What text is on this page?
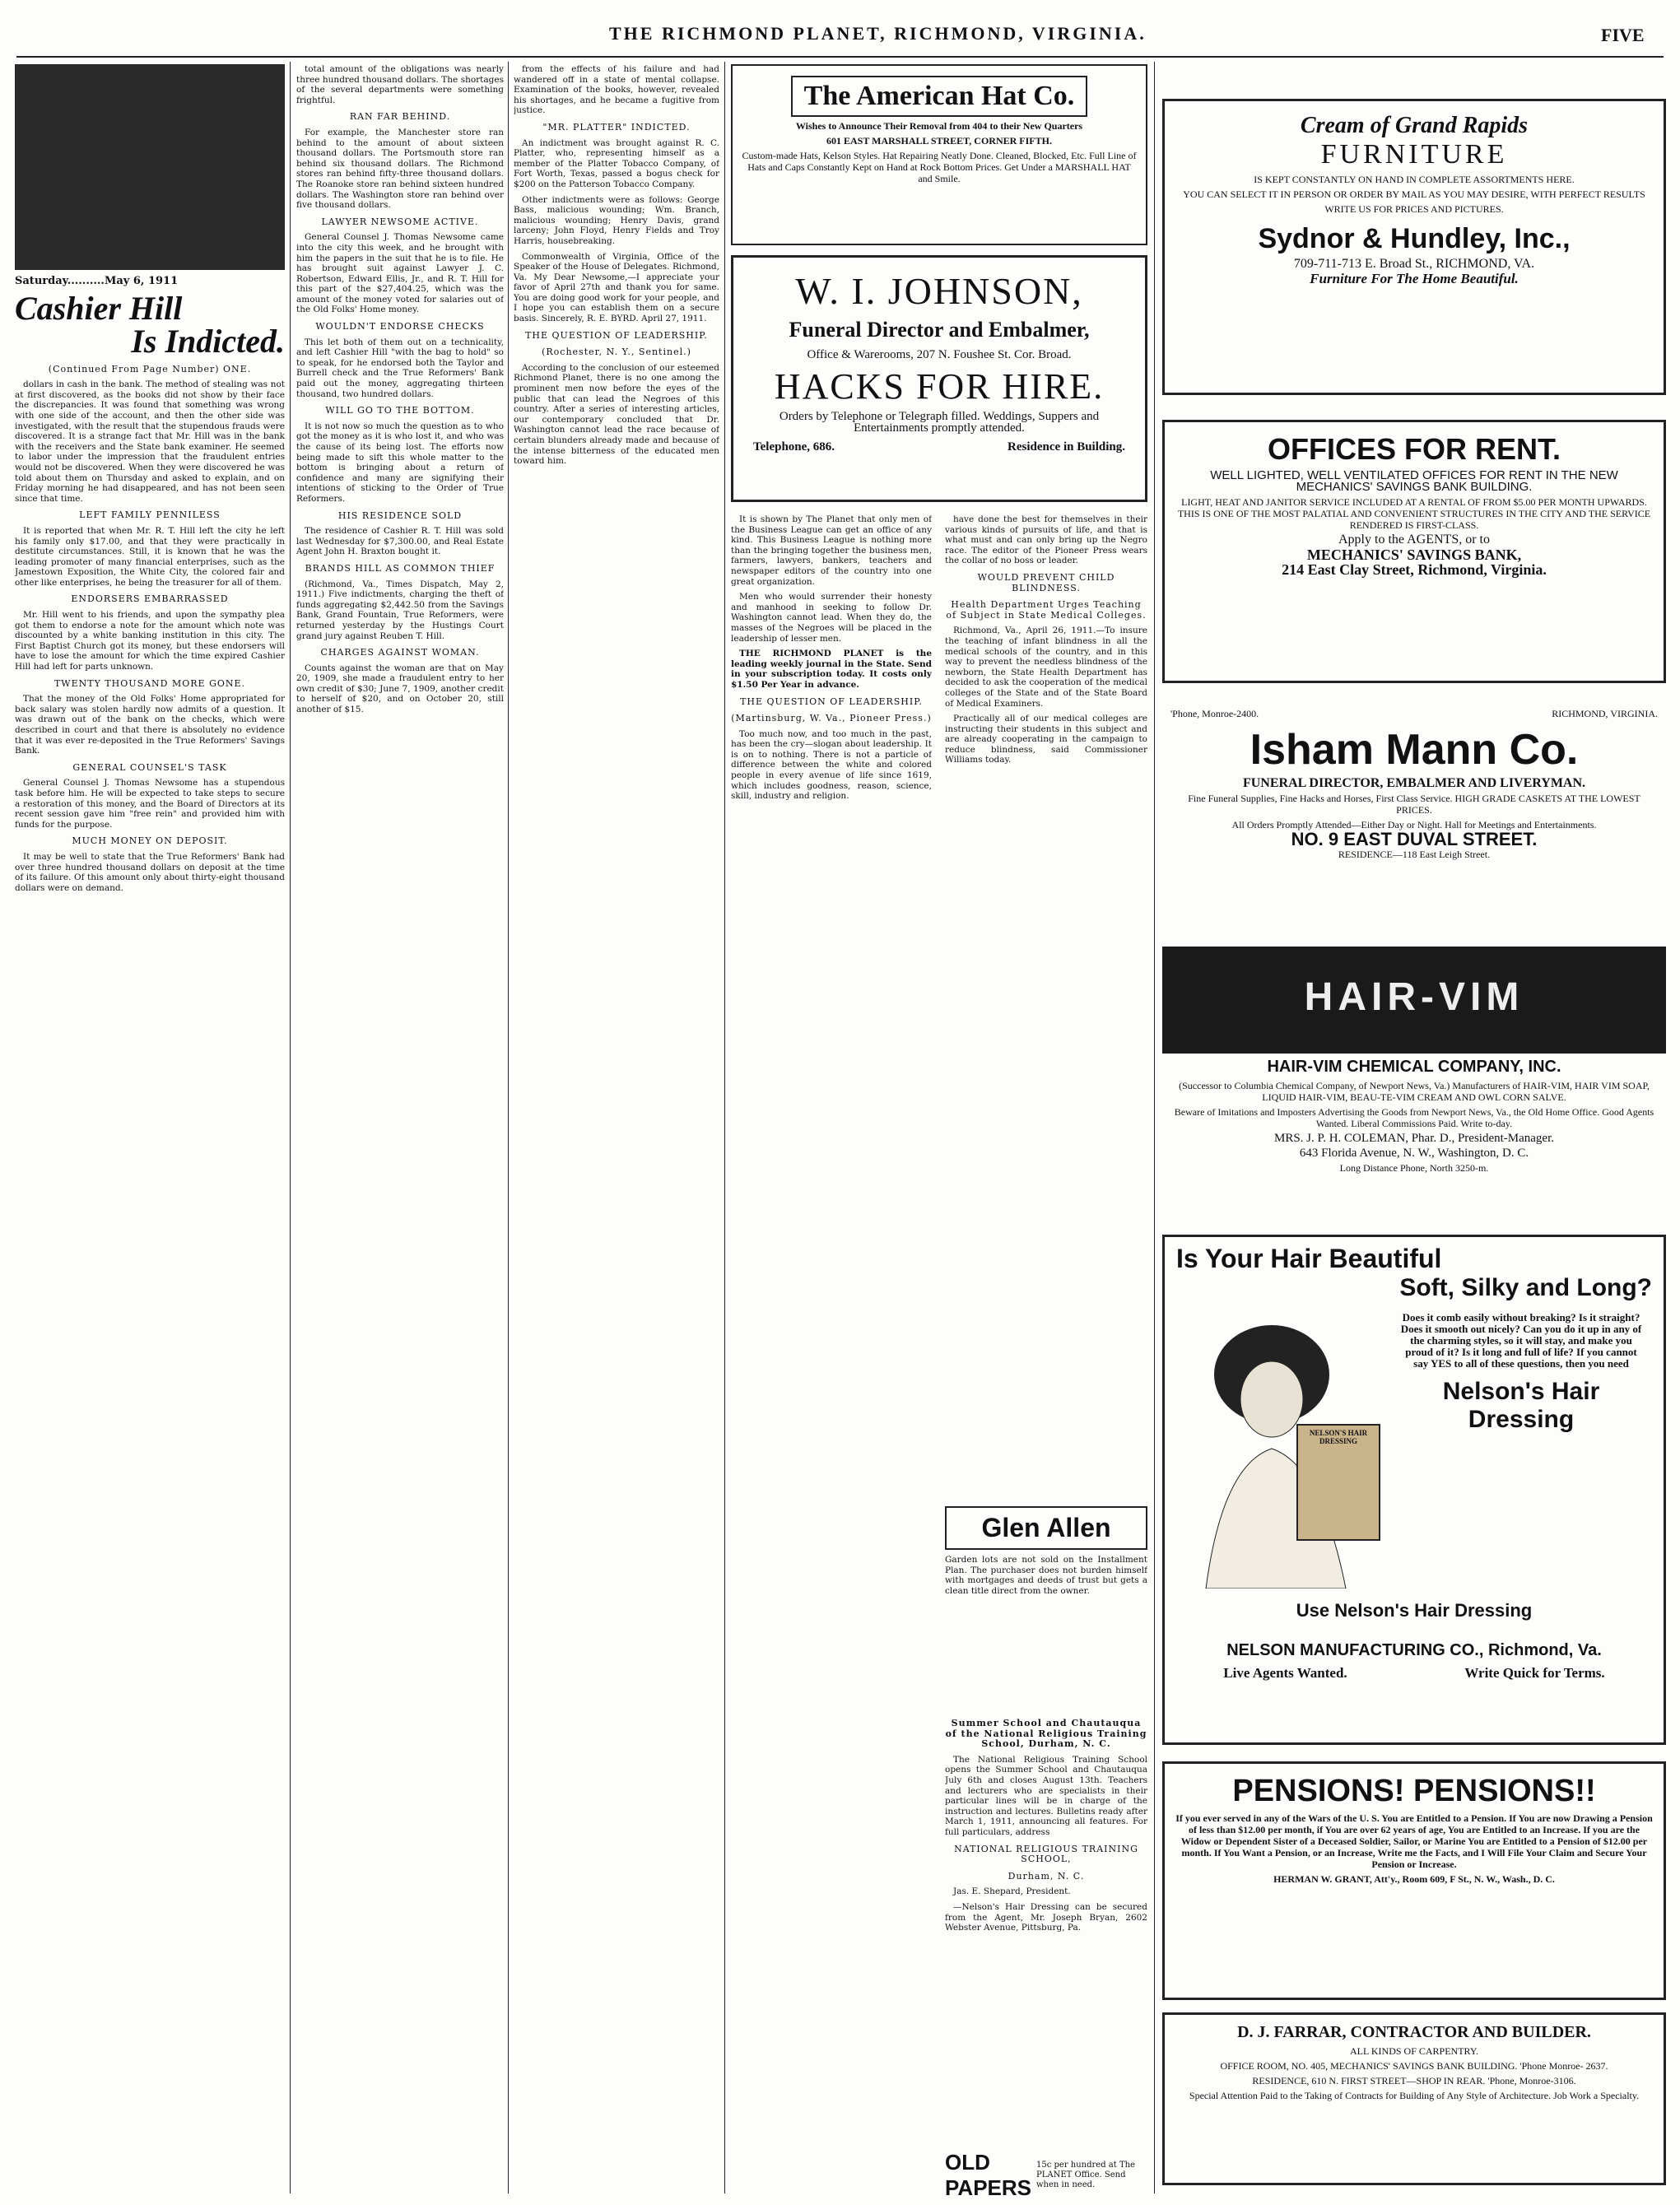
THE RICHMOND PLANET, RICHMOND, VIRGINIA.	FIVE
Saturday..........May 6, 1911
Cashier Hill
Is Indicted.
(Continued From Page Number) ONE.

dollars in cash in the bank. The method of stealing was not at first discovered, as the books did not show by their face the discrepancies. It was found that something was wrong with one side of the account, and then the other side was investigated, with the result that the stupendous frauds were discovered. It is a strange fact that Mr. Hill was in the bank with the receivers and the State bank examiner. He seemed to labor under the impression that the fraudulent entries would not be discovered. When they were discovered he was told about them on Thursday and asked to explain, and on Friday morning he had disappeared, and has not been seen since that time.

LEFT FAMILY PENNILESS

It is reported that when Mr. R. T. Hill left the city he left his family only $17.00, and that they were practically in destitute circumstances. Still, it is known that he was the leading promoter of many financial enterprises, such as the Jamestown Exposition, the White City, the colored fair and other like enterprises, he being the treasurer for all of them.

ENDORSERS EMBARRASSED

Mr. Hill went to his friends, and upon the sympathy plea got them to endorse a note for the amount which note was discounted by a white banking institution in this city. The First Baptist Church got its money, but these endorsers will have to lose the amount for which the time expired Cashier Hill had left for parts unknown.

TWENTY THOUSAND MORE GONE.

That the money of the Old Folks' Home appropriated for back salary was stolen hardly now admits of a question. It was drawn out of the bank on the checks, which were described in court and that there is absolutely no evidence that it was ever re-deposited in the True Reformers' Savings Bank.

GENERAL COUNSEL'S TASK

General Counsel J. Thomas Newsome has a stupendous task before him. He will be expected to take steps to secure a restoration of this money, and the Board of Directors at its recent session gave him "free rein" and provided him with funds for the purpose.

MUCH MONEY ON DEPOSIT.

It may be well to state that the True Reformers' Bank had over three hundred thousand dollars on deposit at the time of its failure. Of this amount only about thirty-eight thousand dollars were on demand.

total amount of the obligations was nearly three hundred thousand dollars. The shortages of the several departments were something frightful.

RAN FAR BEHIND.

For example, the Manchester store ran behind to the amount of about sixteen thousand dollars. The Portsmouth store ran behind six thousand dollars. The Richmond stores ran behind fifty-three thousand dollars. The Roanoke store ran behind sixteen hundred dollars. The Washington store ran behind over five thousand dollars.

LAWYER NEWSOME ACTIVE.

General Counsel J. Thomas Newsome came into the city this week, and he brought with him the papers in the suit that he is to file. He has brought suit against Lawyer J. C. Robertson, Edward Ellis, Jr., and R. T. Hill for this part of the $27,404.25, which was the amount of the money voted for salaries out of the Old Folks' Home money.

WOULDN'T ENDORSE CHECKS

This let both of them out on a technicality, and left Cashier Hill "with the bag to hold" so to speak, for he endorsed both the Taylor and Burrell check and the True Reformers' Bank paid out the money, aggregating thirteen thousand, two hundred dollars.

WILL GO TO THE BOTTOM.

It is not now so much the question as to who got the money as it is who lost it, and who was the cause of its being lost. The efforts now being made to sift this whole matter to the bottom is bringing about a return of confidence and many are signifying their intentions of sticking to the Order of True Reformers.

HIS RESIDENCE SOLD

The residence of Cashier R. T. Hill was sold last Wednesday for $7,300.00, and Real Estate Agent John H. Braxton bought it.

BRANDS HILL AS COMMON THIEF

(Richmond, Va., Times Dispatch, May 2, 1911.) Five indictments, charging the theft of funds aggregating $2,442.50 from the Savings Bank, Grand Fountain, True Reformers, were returned yesterday by the Hustings Court grand jury against Reuben T. Hill.

CHARGES AGAINST WOMAN.

Counts against the woman are that on May 20, 1909, she made a fraudulent entry to her own credit of $30; June 7, 1909, another credit to herself of $20, and on October 20, still another of $15.

from the effects of his failure and had wandered off in a state of mental collapse. Examination of the books, however, revealed his shortages, and he became a fugitive from justice.

"MR. PLATTER" INDICTED.

An indictment was brought against R. C. Platter, who, representing himself as a member of the Platter Tobacco Company, of Fort Worth, Texas, passed a bogus check for $200 on the Patterson Tobacco Company.

Other indictments were as follows: George Bass, malicious wounding; Wm. Branch, malicious wounding; Henry Davis, grand larceny; John Floyd, Henry Fields and Troy Harris, housebreaking.

Commonwealth of Virginia, Office of the Speaker of the House of Delegates. Richmond, Va. My Dear Newsome,—I appreciate your favor of April 27th and thank you for same. You are doing good work for your people, and I hope you can establish them on a secure basis. Sincerely, R. E. BYRD. April 27, 1911.

THE QUESTION OF LEADERSHIP.
(Rochester, N. Y., Sentinel.)

According to the conclusion of our esteemed Richmond Planet, there is no one among the prominent men now before the eyes of the public that can lead the Negroes of this country. After a series of interesting articles, our contemporary concluded that Dr. Washington cannot lead the race because of certain blunders already made and because of the intense bitterness of the educated men toward him.

The American Hat Co.

Wishes to Announce Their Removal from 404 to their New Quarters

601 EAST MARSHALL STREET, CORNER FIFTH.

Custom-made Hats, Kelson Styles. Hat Repairing Neatly Done. Cleaned, Blocked, Etc. Full Line of Hats and Caps Constantly Kept on Hand at Rock Bottom Prices. Get Under a MARSHALL HAT and Smile.

W. I. JOHNSON,
Funeral Director and Embalmer,

Office & Warerooms, 207 N. Foushee St. Cor. Broad.

HACKS FOR HIRE.

Orders by Telephone or Telegraph filled. Weddings, Suppers and Entertainments promptly attended.

Telephone, 686.	Residence in Building.

It is shown by The Planet that only men of the Business League can get an office of any kind. This Business League is nothing more than the bringing together the business men, farmers, lawyers, bankers, teachers and newspaper editors of the country into one great organization.

Men who would surrender their honesty and manhood in seeking to follow Dr. Washington cannot lead. When they do, the masses of the Negroes will be placed in the leadership of lesser men.

THE RICHMOND PLANET is the leading weekly journal in the State. Send in your subscription today. It costs only $1.50 Per Year in advance.

THE QUESTION OF LEADERSHIP.
(Martinsburg, W. Va., Pioneer Press.)

Too much now, and too much in the past, has been the cry—slogan about leadership. It is on to nothing. There is not a particle of difference between the white and colored people in every avenue of life since 1619, which includes goodness, reason, science, skill, industry and religion.

have done the best for themselves in their various kinds of pursuits of life, and that is what must and can only bring up the Negro race. The editor of the Pioneer Press wears the collar of no boss or leader.

WOULD PREVENT CHILD BLINDNESS.
Health Department Urges Teaching of Subject in State Medical Colleges.

Richmond, Va., April 26, 1911.—To insure the teaching of infant blindness in all the medical schools of the country, and in this way to prevent the needless blindness of the newborn, the State Health Department has decided to ask the cooperation of the medical colleges of the State and of the State Board of Medical Examiners.

Practically all of our medical colleges are instructing their students in this subject and are already cooperating in the campaign to reduce blindness, said Commissioner Williams today.

Glen Allen

Garden lots are not sold on the Installment Plan. The purchaser does not burden himself with mortgages and deeds of trust but gets a clean title direct from the owner.

Summer School and Chautauqua of the National Religious Training School, Durham, N. C.

The National Religious Training School opens the Summer School and Chautauqua July 6th and closes August 13th. Teachers and lecturers who are specialists in their particular lines will be in charge of the instruction and lectures. Bulletins ready after March 1, 1911, announcing all features. For full particulars, address

NATIONAL RELIGIOUS TRAINING SCHOOL,
Durham, N. C.

Jas. E. Shepard, President.

—Nelson's Hair Dressing can be secured from the Agent, Mr. Joseph Bryan, 2602 Webster Avenue, Pittsburg, Pa.

OLD PAPERS
15c per hundred at The PLANET Office. Send when in need.
Cream of Grand Rapids
FURNITURE

IS KEPT CONSTANTLY ON HAND IN COMPLETE ASSORTMENTS HERE.

YOU CAN SELECT IT IN PERSON OR ORDER BY MAIL AS YOU MAY DESIRE, WITH PERFECT RESULTS

WRITE US FOR PRICES AND PICTURES.

Sydnor & Hundley, Inc.,

709-711-713 E. Broad St., RICHMOND, VA.

Furniture For The Home Beautiful.

OFFICES FOR RENT.

WELL LIGHTED, WELL VENTILATED OFFICES FOR RENT IN THE NEW MECHANICS' SAVINGS BANK BUILDING.

LIGHT, HEAT AND JANITOR SERVICE INCLUDED AT A RENTAL OF FROM $5.00 PER MONTH UPWARDS. THIS IS ONE OF THE MOST PALATIAL AND CONVENIENT STRUCTURES IN THE CITY AND THE SERVICE RENDERED IS FIRST-CLASS.

Apply to the AGENTS, or to

MECHANICS' SAVINGS BANK,

214 East Clay Street, Richmond, Virginia.

'Phone, Monroe-2400.	RICHMOND, VIRGINIA.
Isham Mann Co.

FUNERAL DIRECTOR, EMBALMER AND LIVERYMAN.

Fine Funeral Supplies, Fine Hacks and Horses, First Class Service. HIGH GRADE CASKETS AT THE LOWEST PRICES.

All Orders Promptly Attended—Either Day or Night. Hall for Meetings and Entertainments.

NO. 9 EAST DUVAL STREET.

RESIDENCE—118 East Leigh Street.

HAIR-VIM
HAIR-VIM CHEMICAL COMPANY, INC.

(Successor to Columbia Chemical Company, of Newport News, Va.) Manufacturers of HAIR-VIM, HAIR VIM SOAP, LIQUID HAIR-VIM, BEAU-TE-VIM CREAM AND OWL CORN SALVE.

Beware of Imitations and Imposters Advertising the Goods from Newport News, Va., the Old Home Office. Good Agents Wanted. Liberal Commissions Paid. Write to-day.

MRS. J. P. H. COLEMAN, Phar. D., President-Manager.

643 Florida Avenue, N. W., Washington, D. C.

Long Distance Phone, North 3250-m.

Is Your Hair Beautiful
Soft, Silky and Long?
NELSON'S HAIR DRESSING

Does it comb easily without breaking? Is it straight? Does it smooth out nicely? Can you do it up in any of the charming styles, so it will stay, and make you proud of it? Is it long and full of life? If you cannot say YES to all of these questions, then you need

Nelson's Hair Dressing
Use Nelson's Hair Dressing
NELSON MANUFACTURING CO., Richmond, Va.
Live Agents Wanted.	Write Quick for Terms.
PENSIONS! PENSIONS!!

If you ever served in any of the Wars of the U. S. You are Entitled to a Pension. If You are now Drawing a Pension of less than $12.00 per month, if You are over 62 years of age, You are Entitled to an Increase. If you are the Widow or Dependent Sister of a Deceased Soldier, Sailor, or Marine You are Entitled to a Pension of $12.00 per month. If You Want a Pension, or an Increase, Write me the Facts, and I Will File Your Claim and Secure Your Pension or Increase.

HERMAN W. GRANT, Att'y., Room 609, F St., N. W., Wash., D. C.

D. J. FARRAR, CONTRACTOR AND BUILDER.

ALL KINDS OF CARPENTRY.

OFFICE ROOM, NO. 405, MECHANICS' SAVINGS BANK BUILDING. 'Phone Monroe- 2637.

RESIDENCE, 610 N. FIRST STREET—SHOP IN REAR. 'Phone, Monroe-3106.

Special Attention Paid to the Taking of Contracts for Building of Any Style of Architecture. Job Work a Specialty.
